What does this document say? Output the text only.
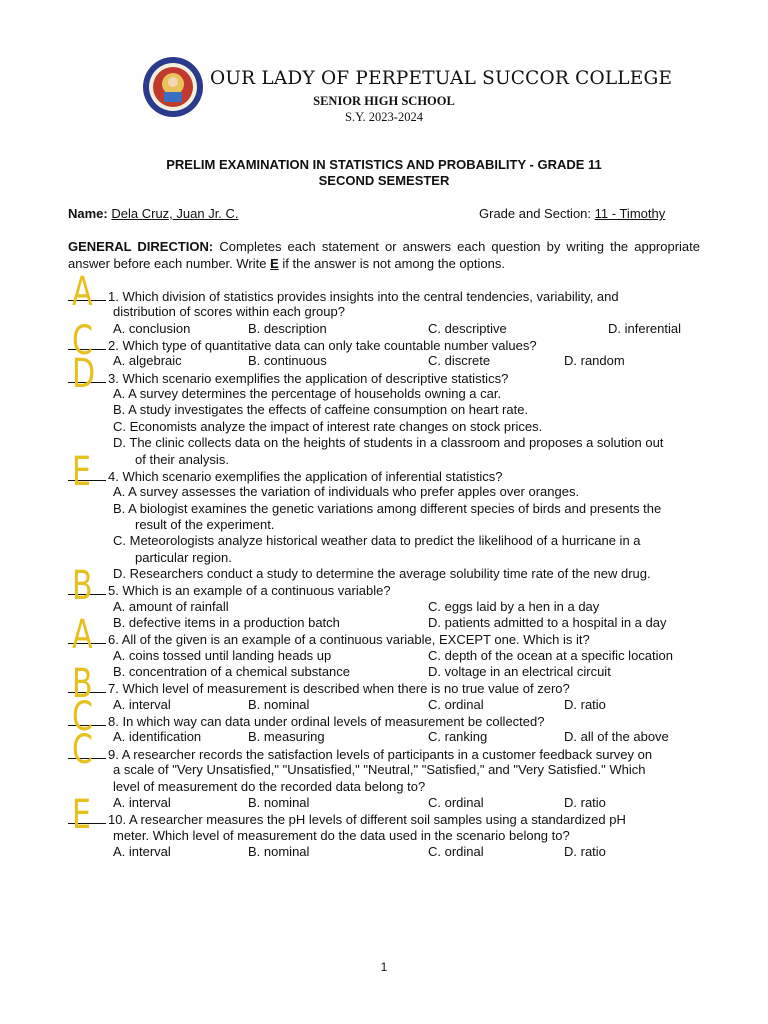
OUR LADY OF PERPETUAL SUCCOR COLLEGE
SENIOR HIGH SCHOOL
S.Y. 2023-2024
PRELIM EXAMINATION IN STATISTICS AND PROBABILITY - GRADE 11
SECOND SEMESTER
Name: Dela Cruz, Juan Jr. C.	Grade and Section: 11 - Timothy
GENERAL DIRECTION: Completes each statement or answers each question by writing the appropriate answer before each number. Write E if the answer is not among the options.
1. Which division of statistics provides insights into the central tendencies, variability, and
A distribution of scores within each group?
A. conclusion	B. description	C. descriptive	D. inferential
2. Which type of quantitative data can only take countable number values?
C A. algebraic	B. continuous	C. discrete	D. random
3. Which scenario exemplifies the application of descriptive statistics?
D A. A survey determines the percentage of households owning a car.
B. A study investigates the effects of caffeine consumption on heart rate.
C. Economists analyze the impact of interest rate changes on stock prices.
D. The clinic collects data on the heights of students in a classroom and proposes a solution out
of their analysis.
4. Which scenario exemplifies the application of inferential statistics?
E A. A survey assesses the variation of individuals who prefer apples over oranges.
B. A biologist examines the genetic variations among different species of birds and presents the
result of the experiment.
C. Meteorologists analyze historical weather data to predict the likelihood of a hurricane in a
particular region.
D. Researchers conduct a study to determine the average solubility time rate of the new drug.
5. Which is an example of a continuous variable?
B A. amount of rainfall	C. eggs laid by a hen in a day
B. defective items in a production batch	D. patients admitted to a hospital in a day
6. All of the given is an example of a continuous variable, EXCEPT one. Which is it?
A A. coins tossed until landing heads up	C. depth of the ocean at a specific location
B. concentration of a chemical substance	D. voltage in an electrical circuit
7. Which level of measurement is described when there is no true value of zero?
B A. interval	B. nominal	C. ordinal	D. ratio
8. In which way can data under ordinal levels of measurement be collected?
C A. identification	B. measuring	C. ranking	D. all of the above
9. A researcher records the satisfaction levels of participants in a customer feedback survey on
C a scale of "Very Unsatisfied," "Unsatisfied," "Neutral," "Satisfied," and "Very Satisfied." Which
level of measurement do the recorded data belong to?
A. interval	B. nominal	C. ordinal	D. ratio
10. A researcher measures the pH levels of different soil samples using a standardized pH
E meter. Which level of measurement do the data used in the scenario belong to?
A. interval	B. nominal	C. ordinal	D. ratio
1
